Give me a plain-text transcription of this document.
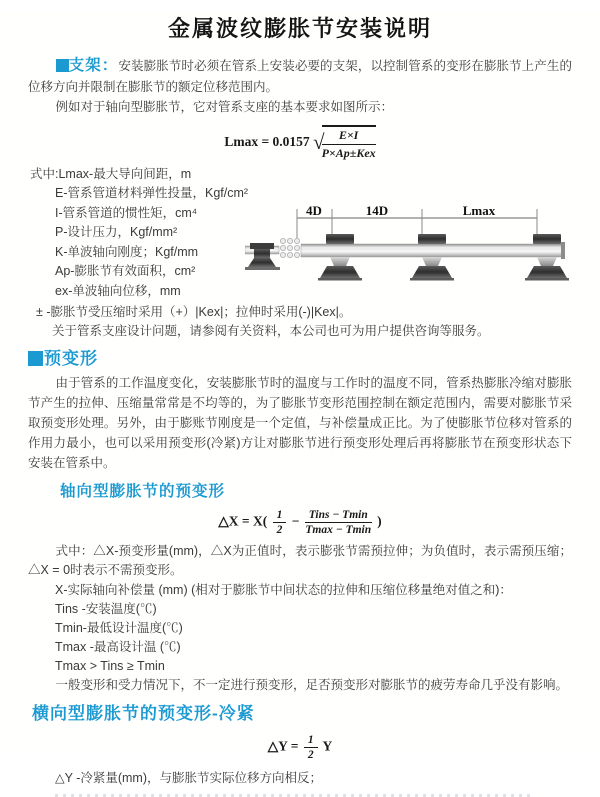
金属波纹膨胀节安装说明

支架：安装膨胀节时必须在管系上安装必要的支架，以控制管系的变形在膨胀节上产生的位移方向并限制在膨胀节的额定位移范围内。

例如对于轴向型膨胀节，它对管系支座的基本要求如图所示：

Lmax = 0.0157 √	E×I
P×Ap±Kex
式中:Lmax-最大导向间距，m
E-管系管道材料弹性投量，Kgf/cm²
I-管系管道的惯性矩，cm⁴
P-设计压力，Kgf/mm²
K-单波轴向刚度；Kgf/mm
Ap-膨胀节有效面积，cm²
ex-单波轴向位移，mm
4D	14D	Lmax
± -膨胀节受压缩时采用（+）|Kex|；拉伸时采用(-)|Kex|。
关于管系支座设计问题，请参阅有关资料，本公司也可为用户提供咨询等服务。
预变形

由于管系的工作温度变化，安装膨胀节时的温度与工作时的温度不同，管系热膨胀冷缩对膨胀节产生的拉伸、压缩量常常是不均等的，为了膨胀节变形范围控制在额定范围内，需要对膨胀节采取预变形处理。另外，由于膨账节刚度是一个定值，与补偿量成正比。为了使膨胀节位移对管系的作用力最小，也可以采用预变形(冷紧)方让对膨胀节进行预变形处理后再将膨胀节在预变形状态下安装在管系中。

轴向型膨胀节的预变形
△X = $X( \frac{1}{2}$ − Tins − Tmin
Tmax − Tmin
)

式中：△X-预变形量(mm)，△X为正值时，表示膨张节需预拉伸；为负值时，表示需预压缩；△X = 0时表示不需预变形。

X-实际轴向补偿量 (mm) (相对于膨胀节中间状态的拉伸和压缩位移量绝对值之和)：
Tins -安装温度(℃)
Tmin-最低设计温度(℃)
Tmax -最高设计温 (℃)
Tmax > Tins ≥ Tmin

一般变形和受力情况下，不一定进行预变形，足否预变形对膨胀节的疲劳寿命几乎没有影响。

横向型膨胀节的预变形-冷紧
△Y = $\frac{1}{2}$ Y
△Y -冷紧量(mm)，与膨胀节实际位移方向相反；
